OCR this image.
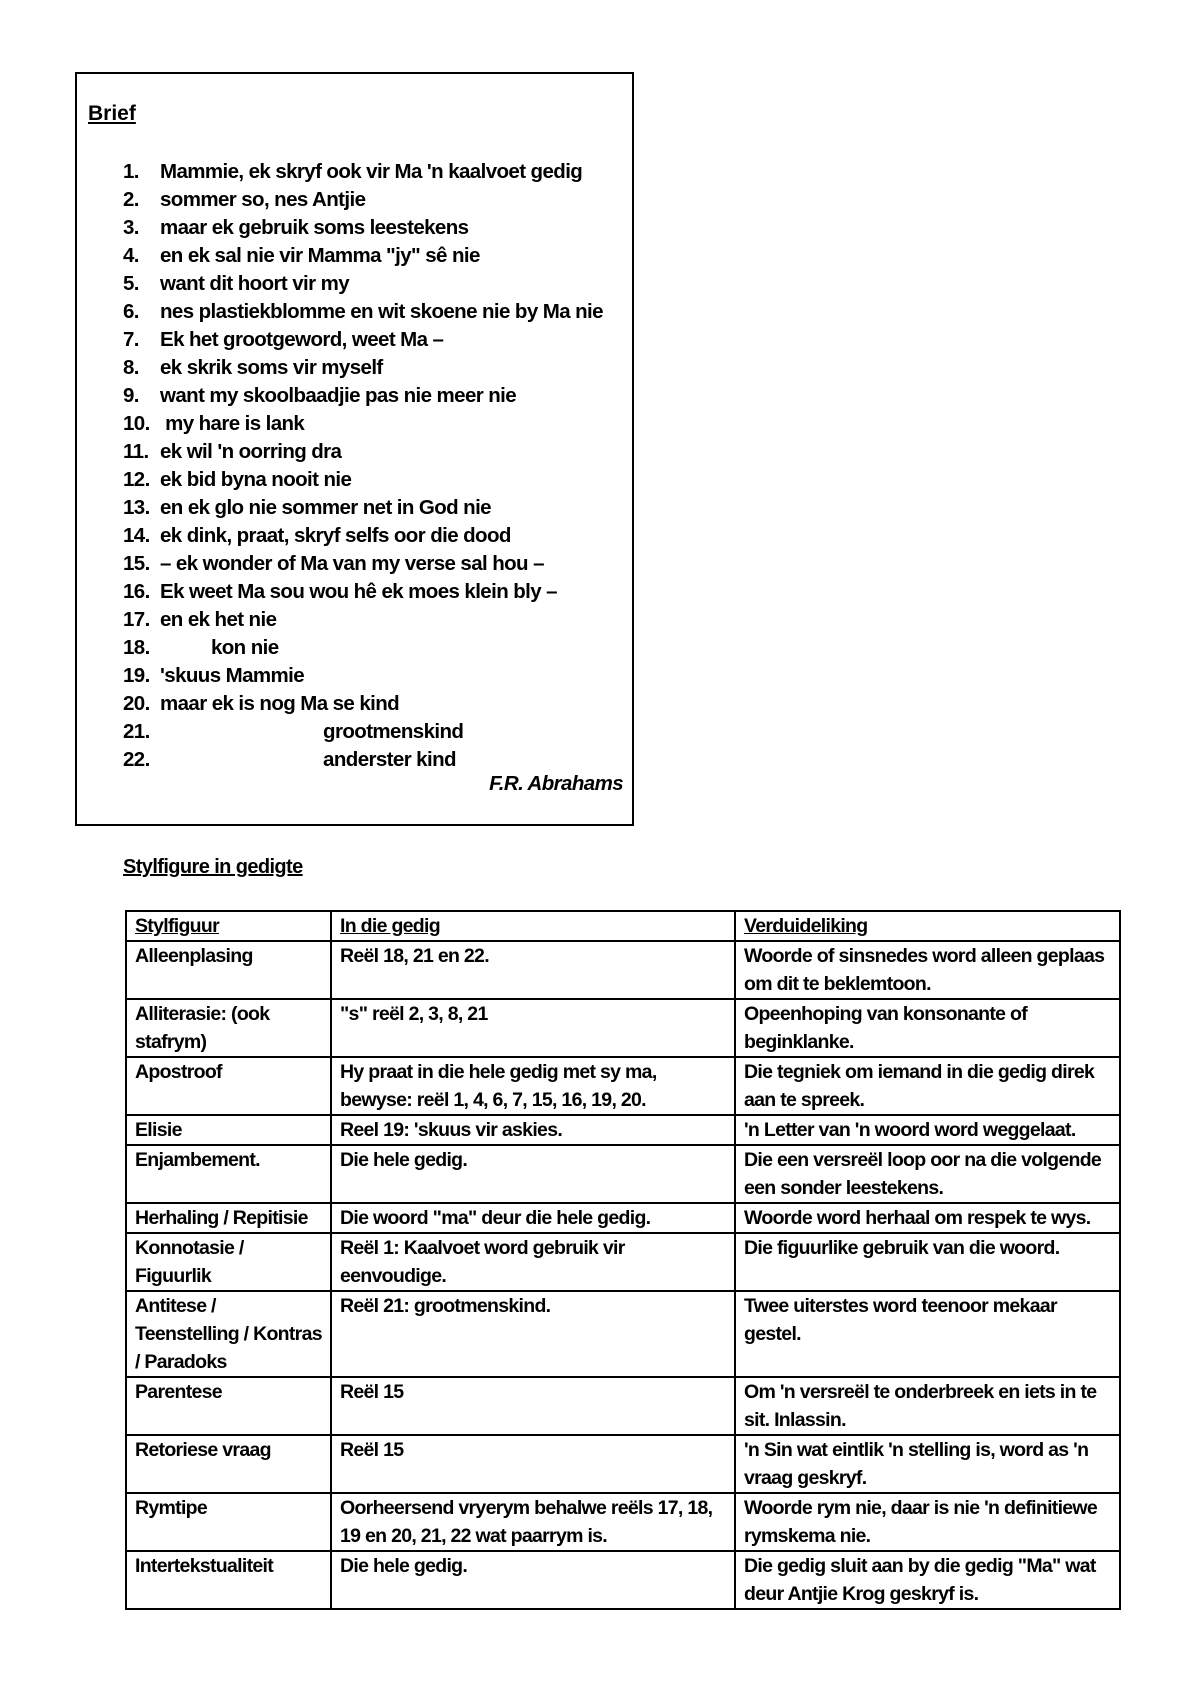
Brief
1. Mammie, ek skryf ook vir Ma 'n kaalvoet gedig
2. sommer so, nes Antjie
3. maar ek gebruik soms leestekens
4. en ek sal nie vir Mamma "jy" sê nie
5. want dit hoort vir my
6. nes plastiekblomme en wit skoene nie by Ma nie
7. Ek het grootgeword, weet Ma –
8. ek skrik soms vir myself
9. want my skoolbaadjie pas nie meer nie
10. my hare is lank
11. ek wil 'n oorring dra
12. ek bid byna nooit nie
13. en ek glo nie sommer net in God nie
14. ek dink, praat, skryf selfs oor die dood
15. – ek wonder of Ma van my verse sal hou –
16. Ek weet Ma sou wou hê ek moes klein bly –
17. en ek het nie
18.          kon nie
19. 'skuus Mammie
20. maar ek is nog Ma se kind
21.                                grootmenskind
22.                                anderster kind
F.R. Abrahams
Stylfigure in gedigte
Stylfiguur	In die gedig	Verduideliking
Alleenplasing	Reël 18, 21 en 22.	Woorde of sinsnedes word alleen geplaas om dit te beklemtoon.
Alliterasie: (ook stafrym)	"s" reël 2, 3, 8, 21	Opeenhoping van konsonante of beginklanke.
Apostroof	Hy praat in die hele gedig met sy ma, bewyse: reël 1, 4, 6, 7, 15, 16, 19, 20.	Die tegniek om iemand in die gedig direk aan te spreek.
Elisie	Reel 19: 'skuus vir askies.	'n Letter van 'n woord word weggelaat.
Enjambement.	Die hele gedig.	Die een versreël loop oor na die volgende een sonder leestekens.
Herhaling / Repitisie	Die woord "ma" deur die hele gedig.	Woorde word herhaal om respek te wys.
Konnotasie / Figuurlik	Reël 1: Kaalvoet word gebruik vir eenvoudige.	Die figuurlike gebruik van die woord.
Antitese / Teenstelling / Kontras / Paradoks	Reël 21: grootmenskind.	Twee uiterstes word teenoor mekaar gestel.
Parentese	Reël 15	Om 'n versreël te onderbreek en iets in te sit. Inlassin.
Retoriese vraag	Reël 15	'n Sin wat eintlik 'n stelling is, word as 'n vraag geskryf.
Rymtipe	Oorheersend vryerym behalwe reëls 17, 18, 19 en 20, 21, 22 wat paarrym is.	Woorde rym nie, daar is nie 'n definitiewe rymskema nie.
Intertekstualiteit	Die hele gedig.	Die gedig sluit aan by die gedig "Ma" wat deur Antjie Krog geskryf is.
